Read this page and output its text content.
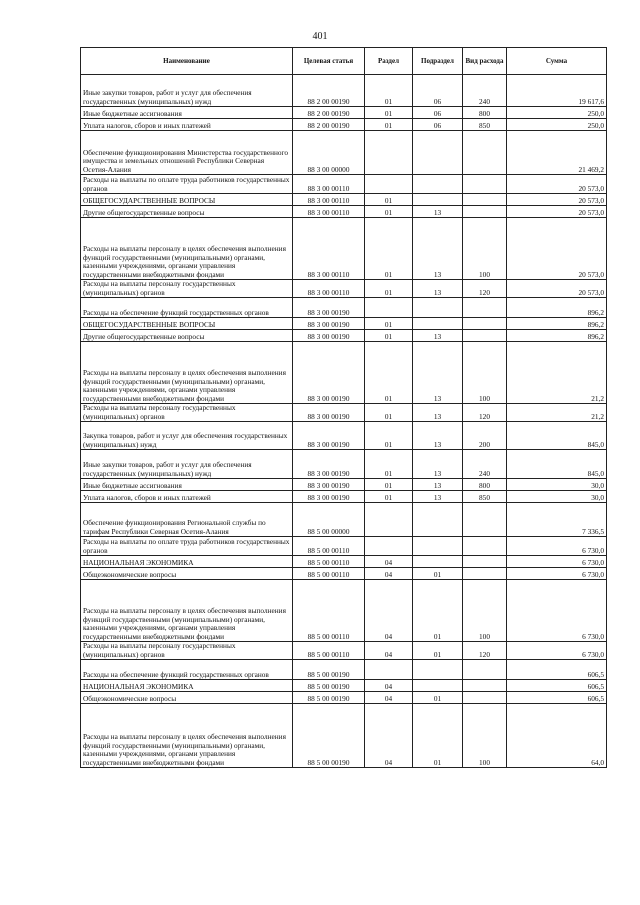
401
Наименование	Целевая статья	Раздел	Подраздел	Вид расхода	Сумма
Иные закупки товаров, работ и услуг для обеспечения государственных (муниципальных) нужд	88 2 00 00190	01	06	240	19 617,6
Иные бюджетные ассигнования	88 2 00 00190	01	06	800	250,0
Уплата налогов, сборов и иных платежей	88 2 00 00190	01	06	850	250,0
Обеспечение функционирования Министерства государственного имущества и земельных отношений Республики Северная Осетия-Алания	88 3 00 00000				21 469,2
Расходы на выплаты по оплате труда работников государственных органов	88 3 00 00110				20 573,0
ОБЩЕГОСУДАРСТВЕННЫЕ ВОПРОСЫ	88 3 00 00110	01			20 573,0
Другие общегосударственные вопросы	88 3 00 00110	01	13		20 573,0
Расходы на выплаты персоналу в целях обеспечения выполнения функций государственными (муниципальными) органами, казенными учреждениями, органами управления государственными внебюджетными фондами	88 3 00 00110	01	13	100	20 573,0
Расходы на выплаты персоналу государственных (муниципальных) органов	88 3 00 00110	01	13	120	20 573,0
Расходы на обеспечение функций государственных органов	88 3 00 00190				896,2
ОБЩЕГОСУДАРСТВЕННЫЕ ВОПРОСЫ	88 3 00 00190	01			896,2
Другие общегосударственные вопросы	88 3 00 00190	01	13		896,2
Расходы на выплаты персоналу в целях обеспечения выполнения функций государственными (муниципальными) органами, казенными учреждениями, органами управления государственными внебюджетными фондами	88 3 00 00190	01	13	100	21,2
Расходы на выплаты персоналу государственных (муниципальных) органов	88 3 00 00190	01	13	120	21,2
Закупка товаров, работ и услуг для обеспечения государственных (муниципальных) нужд	88 3 00 00190	01	13	200	845,0
Иные закупки товаров, работ и услуг для обеспечения государственных (муниципальных) нужд	88 3 00 00190	01	13	240	845,0
Иные бюджетные ассигнования	88 3 00 00190	01	13	800	30,0
Уплата налогов, сборов и иных платежей	88 3 00 00190	01	13	850	30,0
Обеспечение функционирования Региональной службы по тарифам Республики Северная Осетия-Алания	88 5 00 00000				7 336,5
Расходы на выплаты по оплате труда работников государственных органов	88 5 00 00110				6 730,0
НАЦИОНАЛЬНАЯ ЭКОНОМИКА	88 5 00 00110	04			6 730,0
Общеэкономические вопросы	88 5 00 00110	04	01		6 730,0
Расходы на выплаты персоналу в целях обеспечения выполнения функций государственными (муниципальными) органами, казенными учреждениями, органами управления государственными внебюджетными фондами	88 5 00 00110	04	01	100	6 730,0
Расходы на выплаты персоналу государственных (муниципальных) органов	88 5 00 00110	04	01	120	6 730,0
Расходы на обеспечение функций государственных органов	88 5 00 00190				606,5
НАЦИОНАЛЬНАЯ ЭКОНОМИКА	88 5 00 00190	04			606,5
Общеэкономические вопросы	88 5 00 00190	04	01		606,5
Расходы на выплаты персоналу в целях обеспечения выполнения функций государственными (муниципальными) органами, казенными учреждениями, органами управления государственными внебюджетными фондами	88 5 00 00190	04	01	100	64,0
